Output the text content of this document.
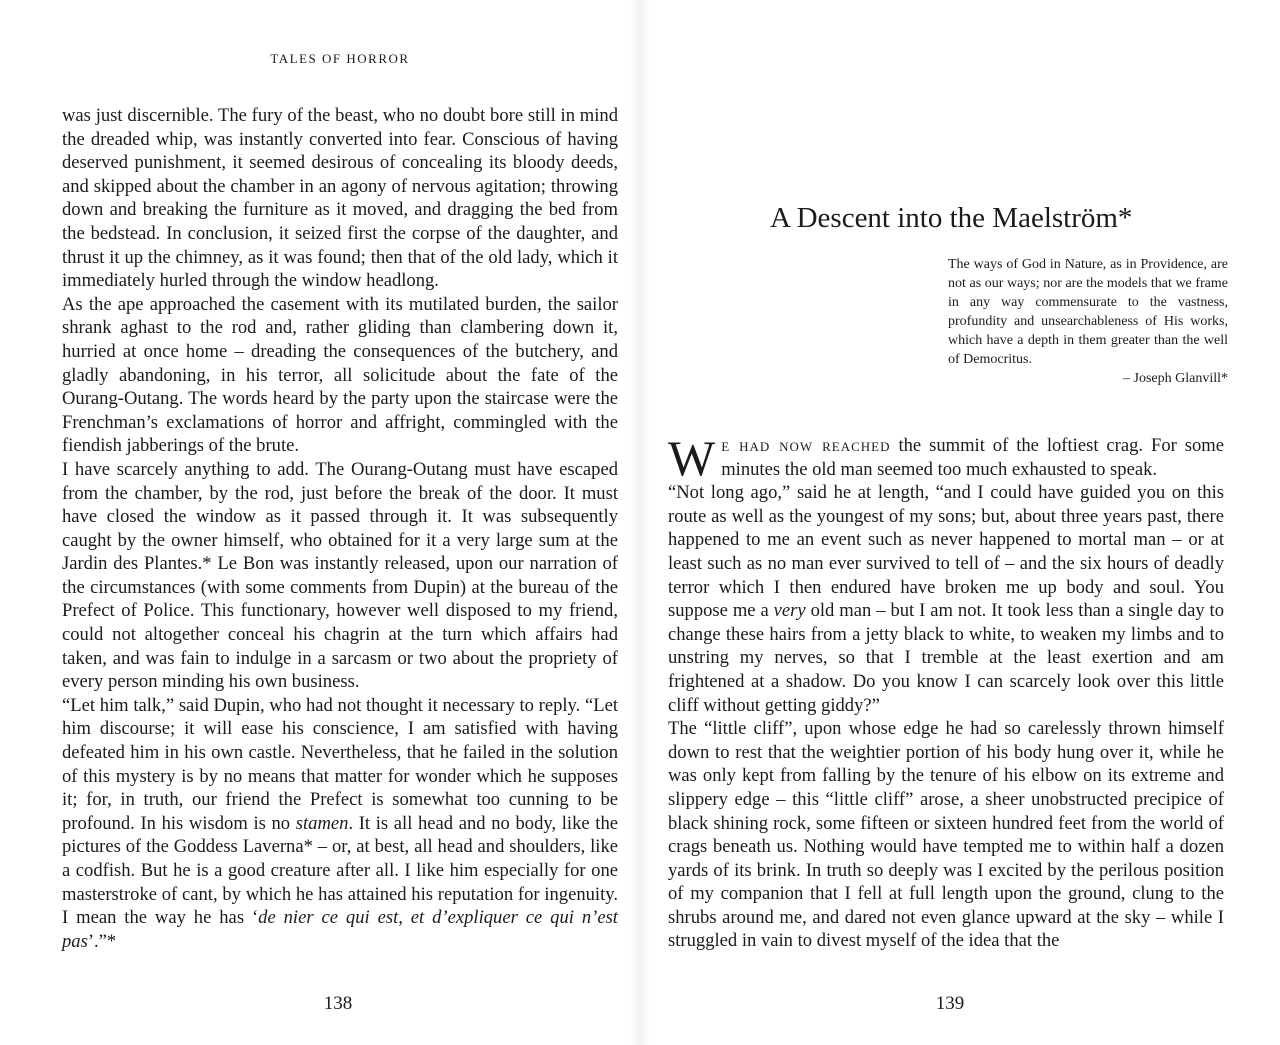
TALES OF HORROR

was just discernible. The fury of the beast, who no doubt bore still in mind the dreaded whip, was instantly converted into fear. Conscious of having deserved punishment, it seemed desirous of concealing its bloody deeds, and skipped about the chamber in an agony of nervous agitation; throwing down and breaking the furniture as it moved, and dragging the bed from the bedstead. In conclusion, it seized first the corpse of the daughter, and thrust it up the chimney, as it was found; then that of the old lady, which it immediately hurled through the window headlong.

As the ape approached the casement with its mutilated burden, the sailor shrank aghast to the rod and, rather gliding than clambering down it, hurried at once home – dreading the consequences of the butchery, and gladly abandoning, in his terror, all solicitude about the fate of the Ourang-Outang. The words heard by the party upon the staircase were the Frenchman’s exclamations of horror and affright, commingled with the fiendish jabberings of the brute.

I have scarcely anything to add. The Ourang-Outang must have escaped from the chamber, by the rod, just before the break of the door. It must have closed the window as it passed through it. It was subsequently caught by the owner himself, who obtained for it a very large sum at the Jardin des Plantes.* Le Bon was instantly released, upon our narration of the circumstances (with some comments from Dupin) at the bureau of the Prefect of Police. This functionary, however well disposed to my friend, could not altogether conceal his chagrin at the turn which affairs had taken, and was fain to indulge in a sarcasm or two about the propriety of every person minding his own business.

“Let him talk,” said Dupin, who had not thought it necessary to reply. “Let him discourse; it will ease his conscience, I am satisfied with having defeated him in his own castle. Nevertheless, that he failed in the solution of this mystery is by no means that matter for wonder which he supposes it; for, in truth, our friend the Prefect is somewhat too cunning to be profound. In his wisdom is no stamen. It is all head and no body, like the pictures of the Goddess Laverna* – or, at best, all head and shoulders, like a codfish. But he is a good creature after all. I like him especially for one masterstroke of cant, by which he has attained his reputation for ingenuity. I mean the way he has ‘de nier ce qui est, et d’expliquer ce qui n’est pas’.”*

138
A Descent into the Maelström*
The ways of God in Nature, as in Providence, are not as our ways; nor are the models that we frame in any way commensurate to the vastness, profundity and unsearchableness of His works, which have a depth in them greater than the well of Democritus.
– Joseph Glanvill*

We had now reached the summit of the loftiest crag. For some minutes the old man seemed too much exhausted to speak.

“Not long ago,” said he at length, “and I could have guided you on this route as well as the youngest of my sons; but, about three years past, there happened to me an event such as never happened to mortal man – or at least such as no man ever survived to tell of – and the six hours of deadly terror which I then endured have broken me up body and soul. You suppose me a very old man – but I am not. It took less than a single day to change these hairs from a jetty black to white, to weaken my limbs and to unstring my nerves, so that I tremble at the least exertion and am frightened at a shadow. Do you know I can scarcely look over this little cliff without getting giddy?”

The “little cliff”, upon whose edge he had so carelessly thrown himself down to rest that the weightier portion of his body hung over it, while he was only kept from falling by the tenure of his elbow on its extreme and slippery edge – this “little cliff” arose, a sheer unobstructed precipice of black shining rock, some fifteen or sixteen hundred feet from the world of crags beneath us. Nothing would have tempted me to within half a dozen yards of its brink. In truth so deeply was I excited by the perilous position of my companion that I fell at full length upon the ground, clung to the shrubs around me, and dared not even glance upward at the sky – while I struggled in vain to divest myself of the idea that the

139
